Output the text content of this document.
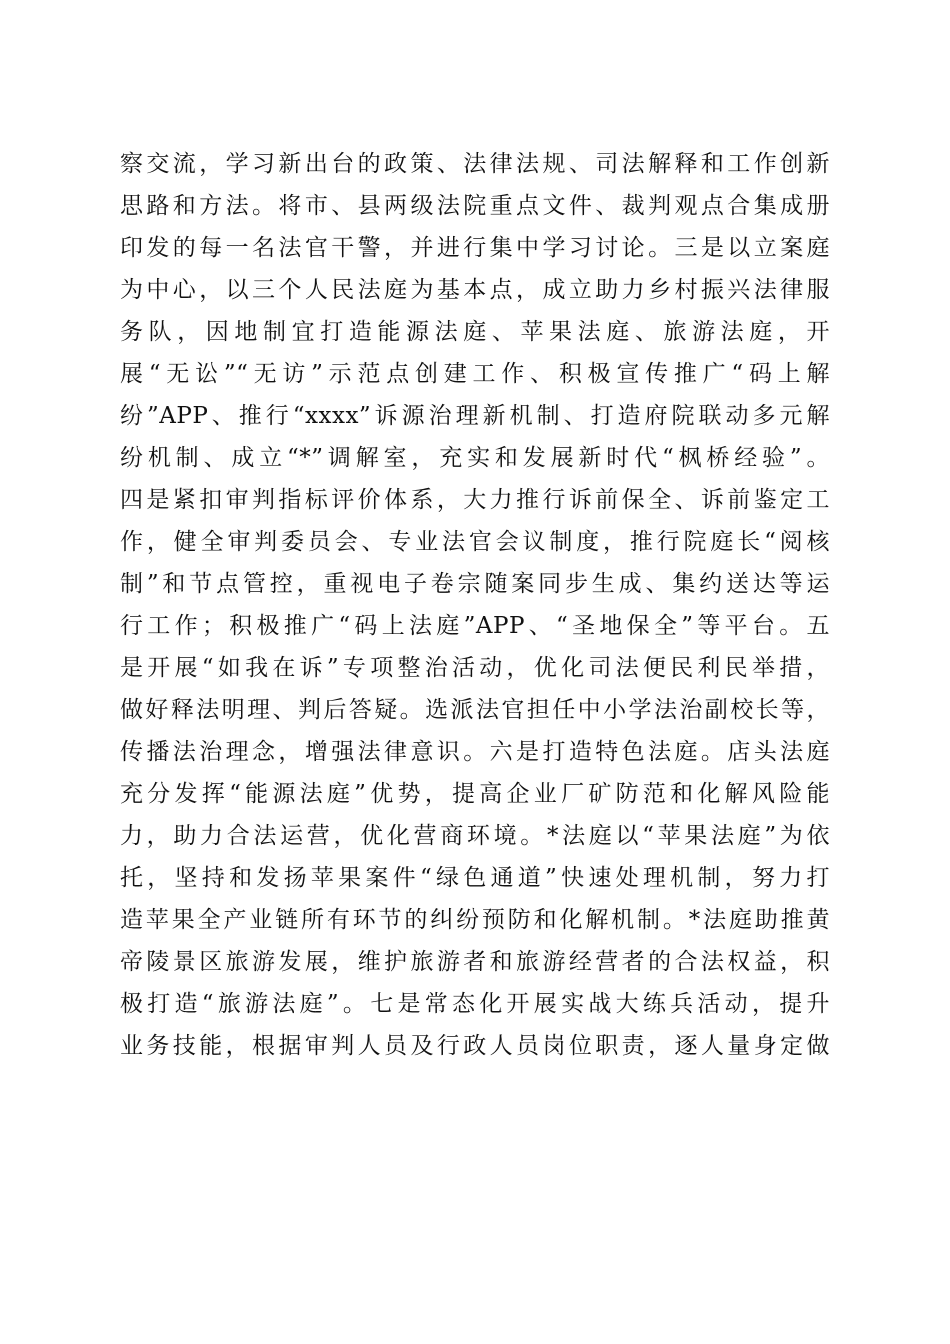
察交流，学习新出台的政策、法律法规、司法解释和工作创新
思路和方法。将市、县两级法院重点文件、裁判观点合集成册
印发的每一名法官干警，并进行集中学习讨论。三是以立案庭
为中心，以三个人民法庭为基本点，成立助力乡村振兴法律服
务队，因地制宜打造能源法庭、苹果法庭、旅游法庭，开
展“无讼”“无访”示范点创建工作、积极宣传推广“码上解
纷”APP、推行“xxxx”诉源治理新机制、打造府院联动多元解
纷机制、成立“*”调解室，充实和发展新时代“枫桥经验”。
四是紧扣审判指标评价体系，大力推行诉前保全、诉前鉴定工
作，健全审判委员会、专业法官会议制度，推行院庭长“阅核
制”和节点管控，重视电子卷宗随案同步生成、集约送达等运
行工作；积极推广“码上法庭”APP、“圣地保全”等平台。五
是开展“如我在诉”专项整治活动，优化司法便民利民举措，
做好释法明理、判后答疑。选派法官担任中小学法治副校长等，
传播法治理念，增强法律意识。六是打造特色法庭。店头法庭
充分发挥“能源法庭”优势，提高企业厂矿防范和化解风险能
力，助力合法运营，优化营商环境。*法庭以“苹果法庭”为依
托，坚持和发扬苹果案件“绿色通道”快速处理机制，努力打
造苹果全产业链所有环节的纠纷预防和化解机制。*法庭助推黄
帝陵景区旅游发展，维护旅游者和旅游经营者的合法权益，积
极打造“旅游法庭”。七是常态化开展实战大练兵活动，提升
业务技能，根据审判人员及行政人员岗位职责，逐人量身定做
